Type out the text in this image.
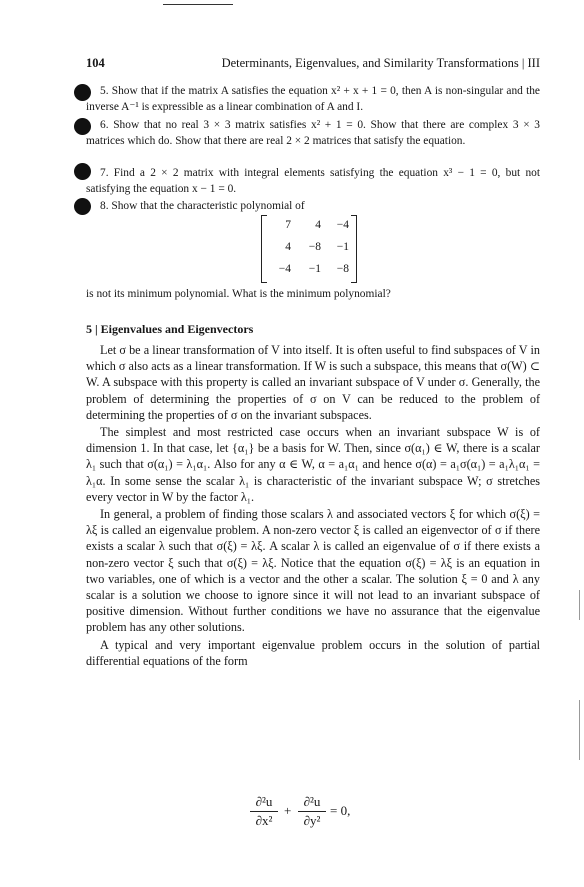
104	Determinants, Eigenvalues, and Similarity Transformations | III

5. Show that if the matrix A satisfies the equation x² + x + 1 = 0, then A is non-singular and the inverse A⁻¹ is expressible as a linear combination of A and I.

6. Show that no real 3 × 3 matrix satisfies x² + 1 = 0. Show that there are complex 3 × 3 matrices which do. Show that there are real 2 × 2 matrices that satisfy the equation.

7. Find a 2 × 2 matrix with integral elements satisfying the equation x³ − 1 = 0, but not satisfying the equation x − 1 = 0.

8. Show that the characteristic polynomial of

7	4	−4
4	−8	−1
−4	−1	−8
is not its minimum polynomial. What is the minimum polynomial?
5 | Eigenvalues and Eigenvectors

Let σ be a linear transformation of V into itself. It is often useful to find subspaces of V in which σ also acts as a linear transformation. If W is such a subspace, this means that σ(W) ⊂ W. A subspace with this property is called an invariant subspace of V under σ. Generally, the problem of determining the properties of σ on V can be reduced to the problem of determining the properties of σ on the invariant subspaces.

The simplest and most restricted case occurs when an invariant subspace W is of dimension 1. In that case, let {α₁} be a basis for W. Then, since σ(α₁) ∈ W, there is a scalar λ₁ such that σ(α₁) = λ₁α₁. Also for any α ∈ W, α = a₁α₁ and hence σ(α) = a₁σ(α₁) = a₁λ₁α₁ = λ₁α. In some sense the scalar λ₁ is characteristic of the invariant subspace W; σ stretches every vector in W by the factor λ₁.

In general, a problem of finding those scalars λ and associated vectors ξ for which σ(ξ) = λξ is called an eigenvalue problem. A non-zero vector ξ is called an eigenvector of σ if there exists a scalar λ such that σ(ξ) = λξ. A scalar λ is called an eigenvalue of σ if there exists a non-zero vector ξ such that σ(ξ) = λξ. Notice that the equation σ(ξ) = λξ is an equation in two variables, one of which is a vector and the other a scalar. The solution ξ = 0 and λ any scalar is a solution we choose to ignore since it will not lead to an invariant subspace of positive dimension. Without further conditions we have no assurance that the eigenvalue problem has any other solutions.

A typical and very important eigenvalue problem occurs in the solution of partial differential equations of the form

∂²u
∂x²
+
∂²u
∂y²
= 0,
